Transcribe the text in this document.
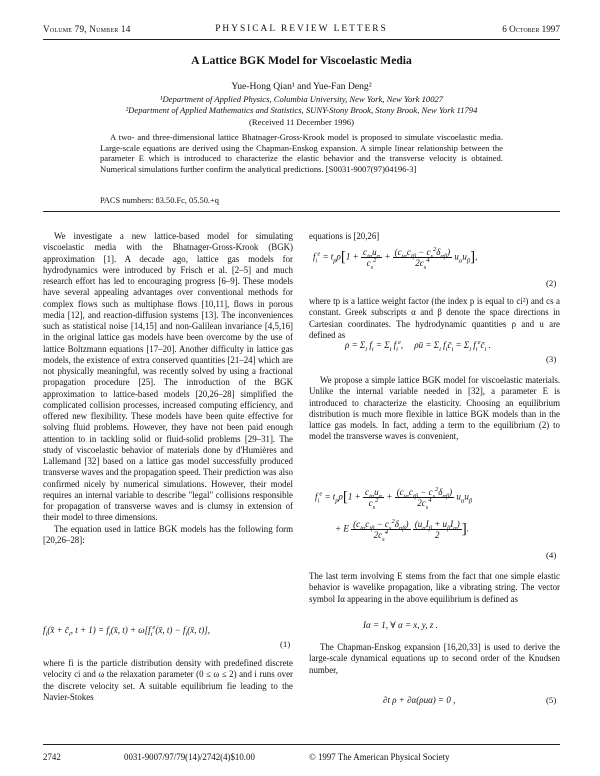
Volume 79, Number 14	PHYSICAL REVIEW LETTERS	6 October 1997
A Lattice BGK Model for Viscoelastic Media
Yue-Hong Qian¹ and Yue-Fan Deng²
¹Department of Applied Physics, Columbia University, New York, New York 10027
²Department of Applied Mathematics and Statistics, SUNY-Stony Brook, Stony Brook, New York 11794
(Received 11 December 1996)
A two- and three-dimensional lattice Bhatnager-Gross-Krook model is proposed to simulate viscoelastic media. Large-scale equations are derived using the Chapman-Enskog expansion. A simple linear relationship between the parameter E which is introduced to characterize the elastic behavior and the transverse velocity is obtained. Numerical simulations further confirm the analytical predictions. [S0031-9007(97)04196-3]
PACS numbers: 83.50.Fc, 05.50.+q

We investigate a new lattice-based model for simulating viscoelastic media with the Bhatnager-Gross-Krook (BGK) approximation [1]. A decade ago, lattice gas models for hydrodynamics were introduced by Frisch et al. [2–5] and much research effort has led to encouraging progress [6–9]. These models have several appealing advantages over conventional methods for complex flows such as multiphase flows [10,11], flows in porous media [12], and reaction-diffusion systems [13]. The inconveniences such as statistical noise [14,15] and non-Galilean invariance [4,5,16] in the original lattice gas models have been overcome by the use of lattice Boltzmann equations [17–20]. Another difficulty in lattice gas models, the existence of extra conserved quantities [21–24] which are not physically meaningful, was recently solved by using a fractional propagation procedure [25]. The introduction of the BGK approximation to lattice-based models [20,26–28] simplified the complicated collision processes, increased computing efficiency, and offered new flexibility. These models have been quite effective for solving fluid problems. However, they have not been paid enough attention to in tackling solid or fluid-solid problems [29–31]. The study of viscoelastic behavior of materials done by d'Humières and Lallemand [32] based on a lattice gas model successfully produced transverse waves and the propagation speed. Their prediction was also confirmed nicely by numerical simulations. However, their model requires an internal variable to describe "legal" collisions responsible for propagation of transverse waves and is clumsy in extension of their model to three dimensions.

The equation used in lattice BGK models has the following form [20,26–28]:

$f_i(x̄$ + $c̄_i$, $t + 1) = f_i(x̄$, $t) + \omega[f_i^e(x̄$, $t) - f_i(x̄$, t)],
(1)

where fi is the particle distribution density with predefined discrete velocity ci and ω the relaxation parameter (0 ≤ ω ≤ 2) and i runs over the discrete velocity set. A suitable equilibrium fie leading to the Navier-Stokes

equations is [20,26]

$f_i^e = t_p\rho[1 + \frac{c_{i\alpha}u_\alpha}{c_s^2} + \frac{(c_{i\alpha}c_{i\beta} - c_s^2\delta_{\alpha\beta})}{2c_s^4} u_\alpha u_\beta]$,
(2)

where tp is a lattice weight factor (the index p is equal to ci²) and cs a constant. Greek subscripts α and β denote the space directions in Cartesian coordinates. The hydrodynamic quantities ρ and u are defined as

$\rho = \Sigma_i$ $f_i = \Sigma_i$ $f_i^e$,     ρū = $\Sigma_i$ $f_ic̄_i = \Sigma_i$ $f_i^ec̄_i$ .
(3)

We propose a simple lattice BGK model for viscoelastic materials. Unlike the internal variable needed in [32], a parameter E is introduced to characterize the elasticity. Choosing an equilibrium distribution is much more flexible in lattice BGK models than in the lattice gas models. In fact, adding a term to the equilibrium (2) to model the transverse waves is convenient,

$f_i^e = t_p\rho[1 + \frac{c_{i\alpha}u_\alpha}{c_s^2} + \frac{(c_{i\alpha}c_{i\beta} - c_s^2\delta_{\alpha\beta})}{2c_s^4} u_\alpha u_\beta$
+ E $\frac{(c_{i\alpha}c_{i\beta} - c_s^2\delta_{\alpha\beta})}{2c_s^4}$
$\frac{(u_\alpha I_\beta + u_\beta I_\alpha)}{2}$ ].
(4)

The last term involving E stems from the fact that one simple elastic behavior is wavelike propagation, like a vibrating string. The vector symbol Iα appearing in the above equilibrium is defined as

Iα = 1, ∀ α = x, y, z .

The Chapman-Enskog expansion [16,20,33] is used to derive the large-scale dynamical equations up to second order of the Knudsen number,

∂t ρ + ∂α(ρuα) = 0 ,	(5)
2742	0031-9007/97/79(14)/2742(4)$10.00	© 1997 The American Physical Society
